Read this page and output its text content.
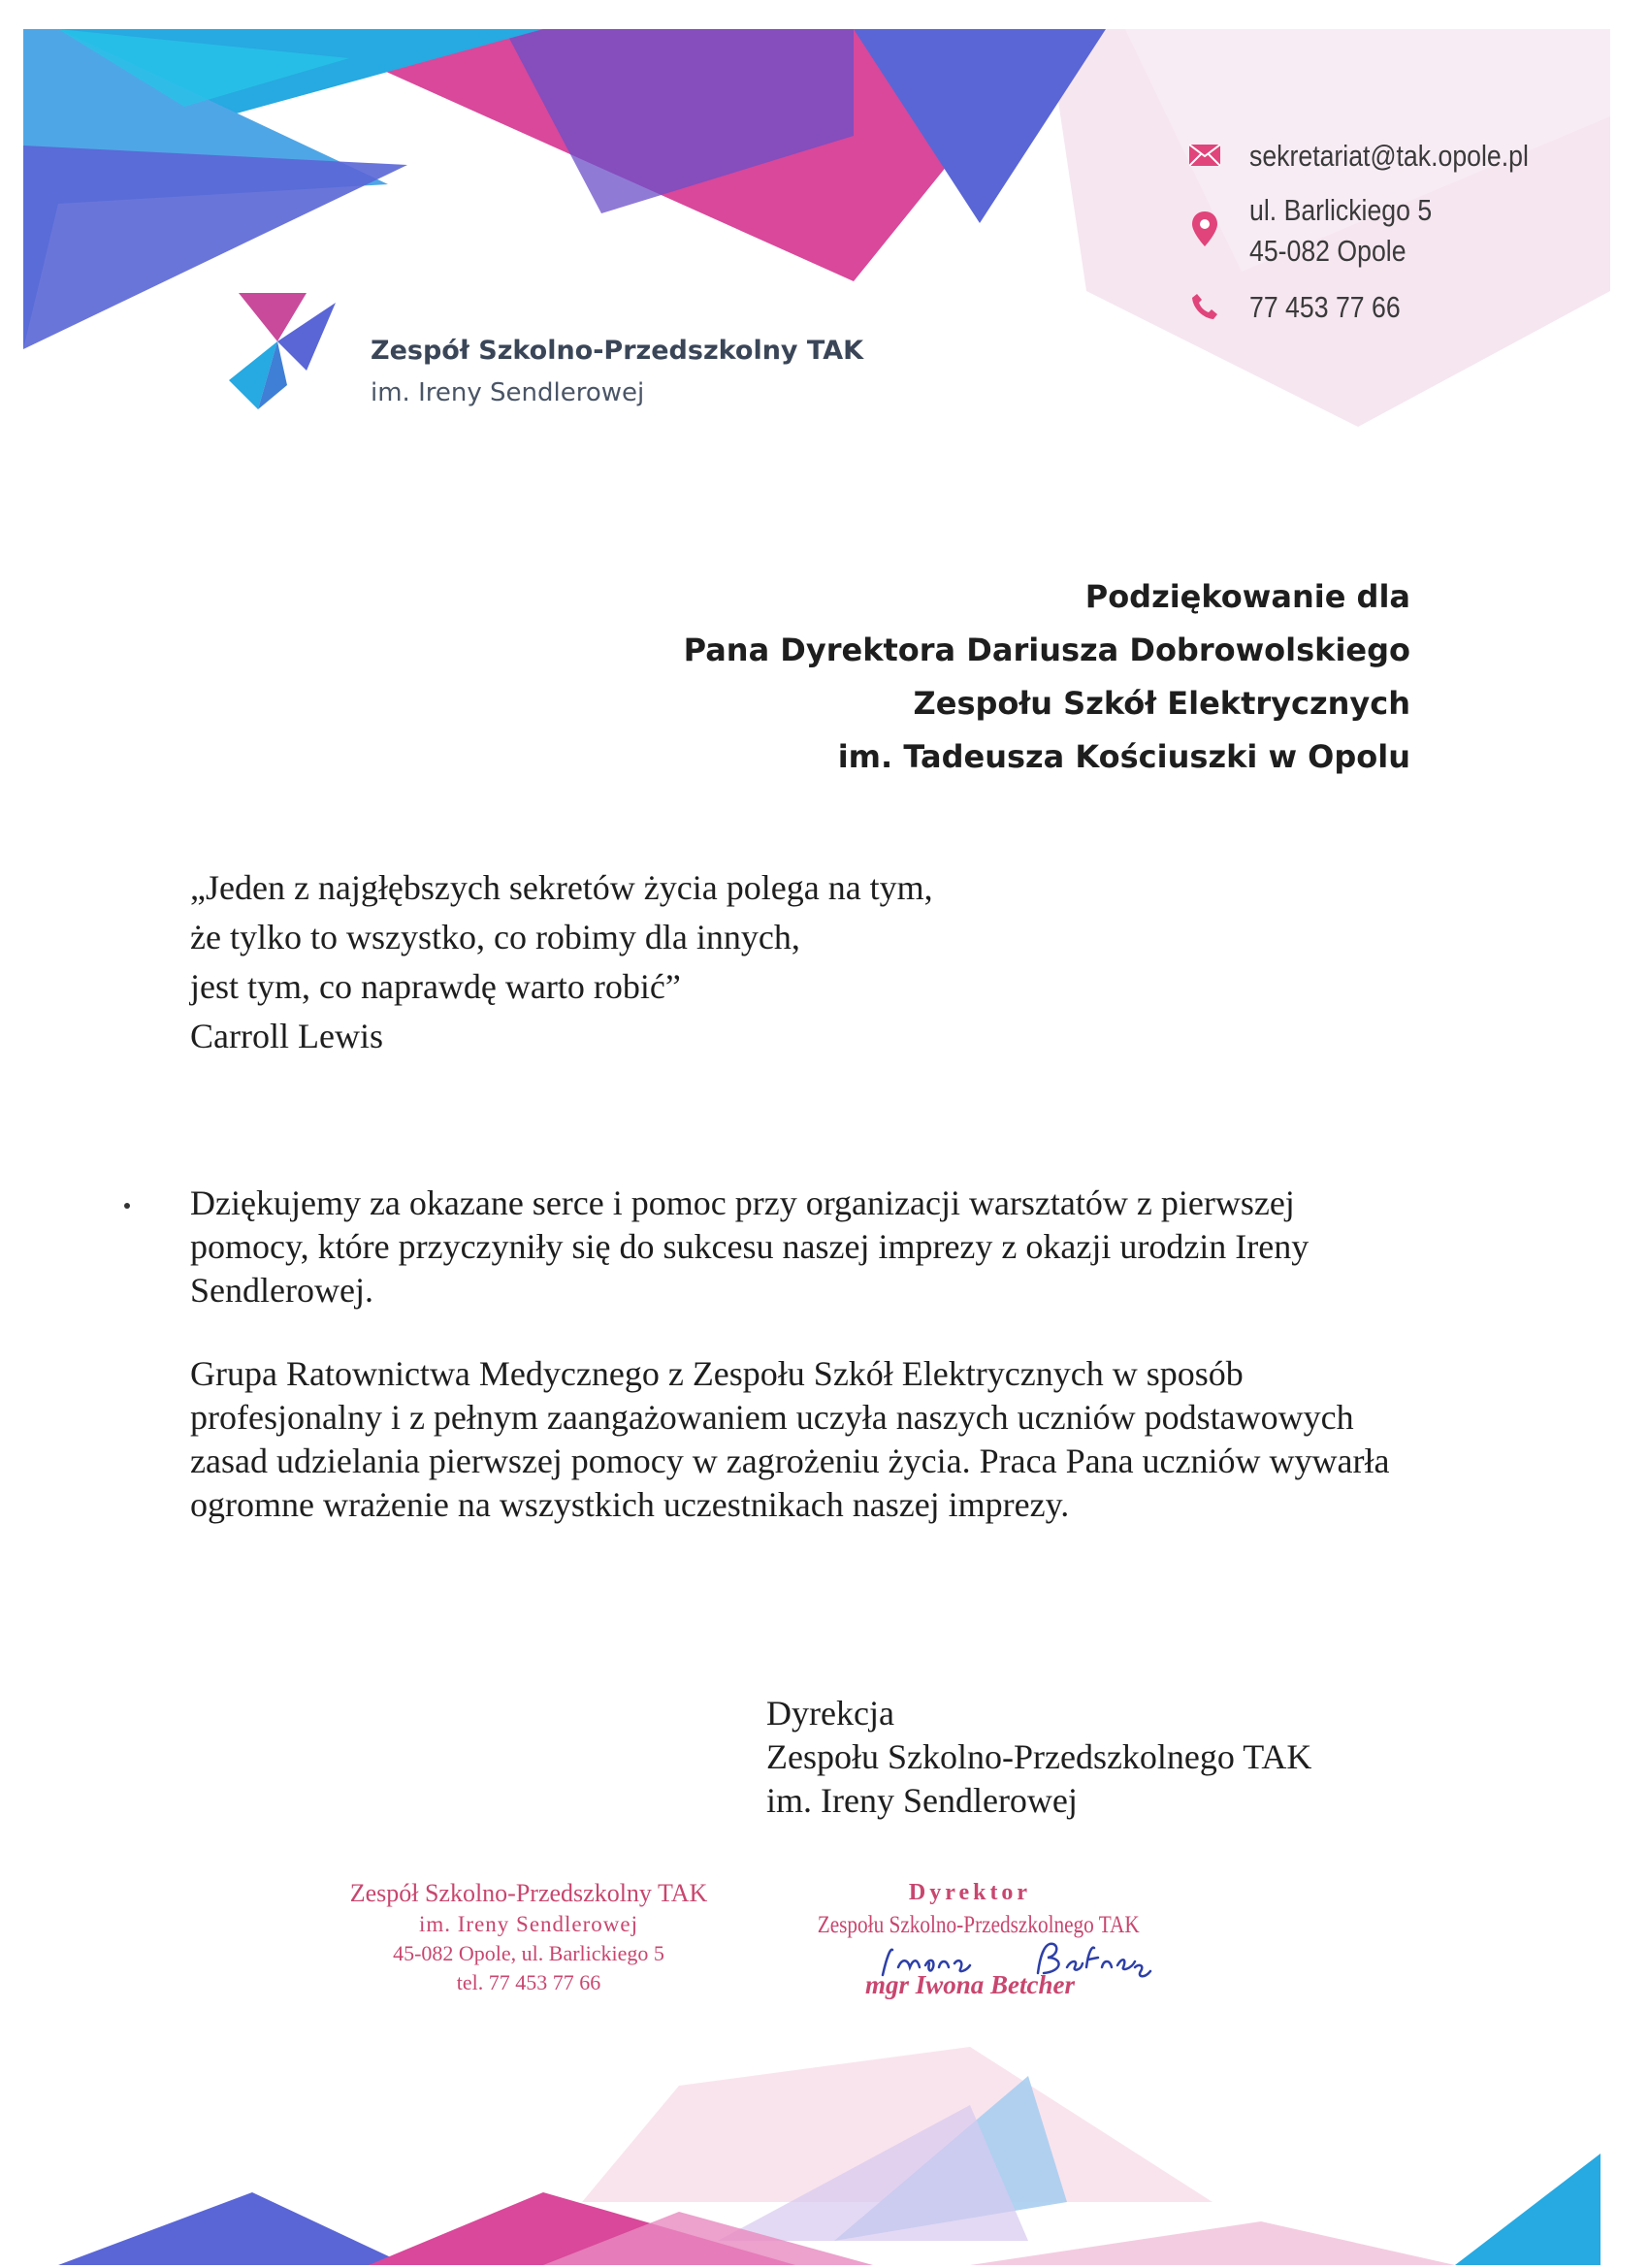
Zespół Szkolno-Przedszkolny TAK
im. Ireny Sendlerowej
sekretariat@tak.opole.pl
ul. Barlickiego 5
45-082 Opole
77 453 77 66
Podziękowanie dla
Pana Dyrektora Dariusza Dobrowolskiego
Zespołu Szkół Elektrycznych
im. Tadeusza Kościuszki w Opolu
„Jeden z najgłębszych sekretów życia polega na tym,
że tylko to wszystko, co robimy dla innych,
jest tym, co naprawdę warto robić”
Carroll Lewis
Dziękujemy za okazane serce i pomoc przy organizacji warsztatów z pierwszej pomocy, które przyczyniły się do sukcesu naszej imprezy z okazji urodzin Ireny Sendlerowej.
Grupa Ratownictwa Medycznego z Zespołu Szkół Elektrycznych w sposób profesjonalny i z pełnym zaangażowaniem uczyła naszych uczniów podstawowych zasad udzielania pierwszej pomocy w zagrożeniu życia. Praca Pana uczniów wywarła ogromne wrażenie na wszystkich uczestnikach naszej imprezy.
Dyrekcja
Zespołu Szkolno-Przedszkolnego TAK
im. Ireny Sendlerowej
Zespół Szkolno-Przedszkolny TAK
im. Ireny Sendlerowej
45-082 Opole, ul. Barlickiego 5
tel. 77 453 77 66
Dyrektor
Zespołu Szkolno-Przedszkolnego TAK
mgr Iwona Betcher
